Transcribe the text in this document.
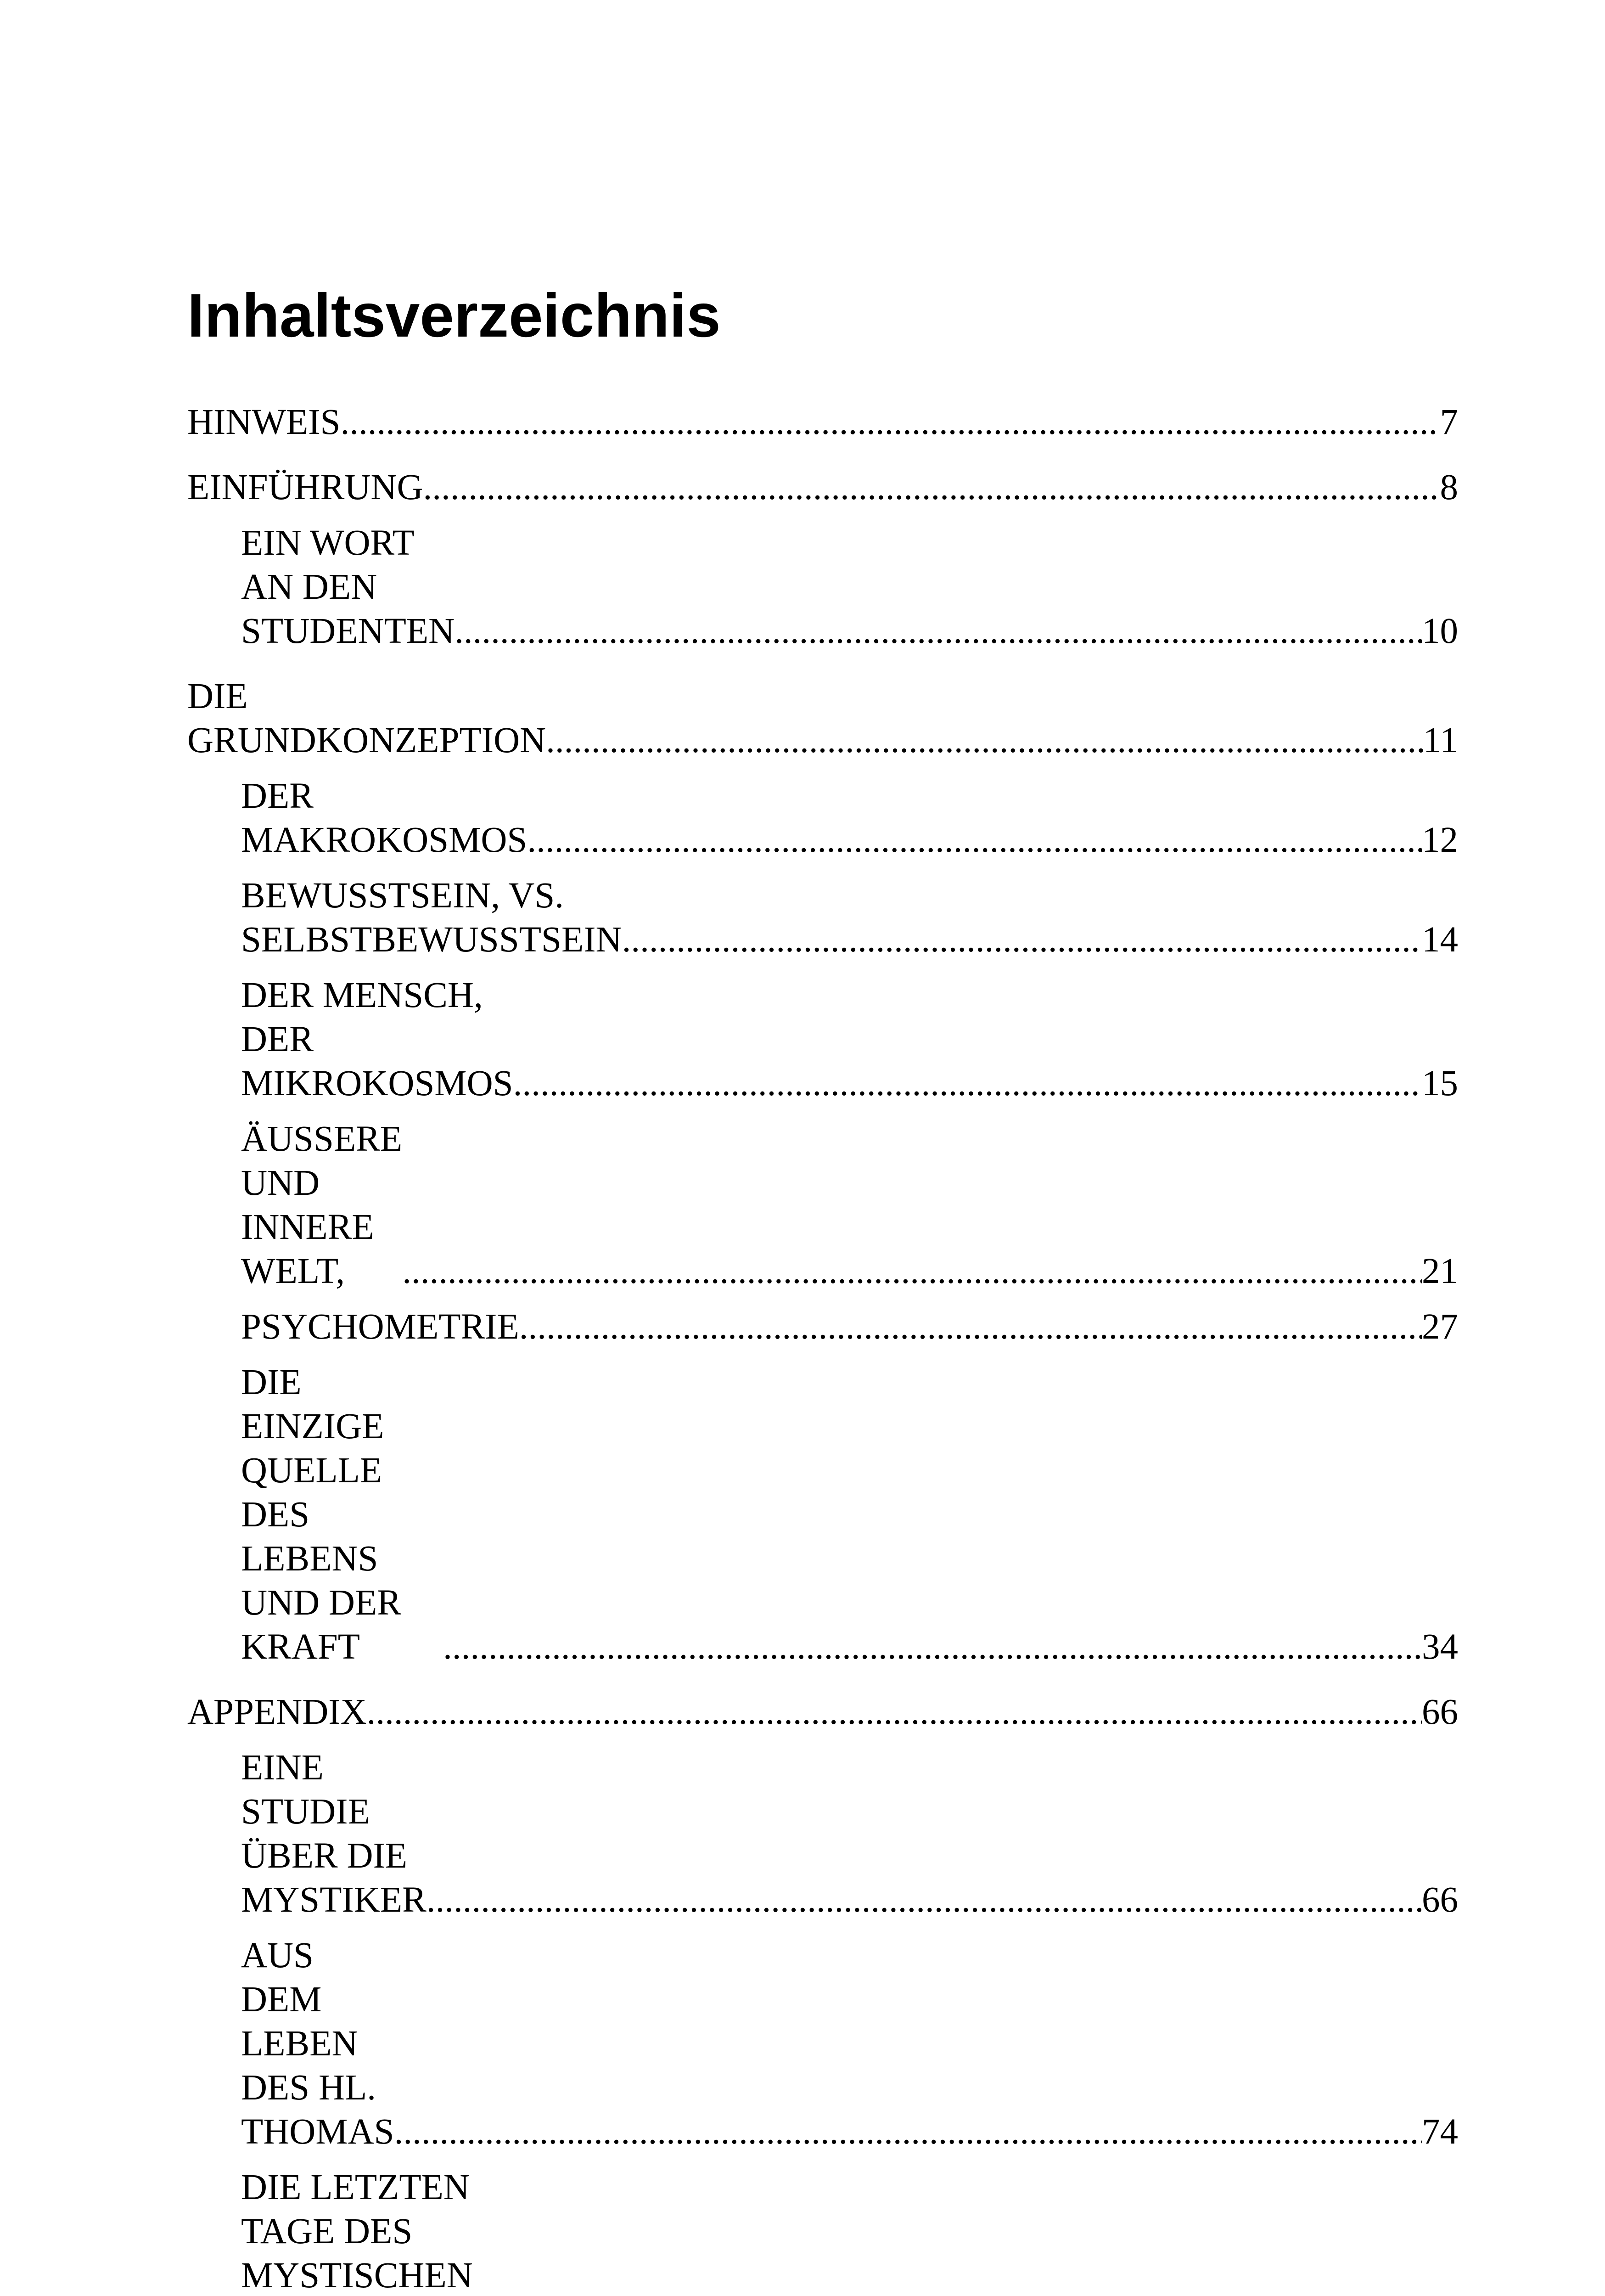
Inhaltsverzeichnis
HINWEIS .....	7
EINFÜHRUNG .....	8
EIN WORT AN DEN STUDENTEN .....	10
DIE GRUNDKONZEPTION .....	11
DER MAKROKOSMOS .....	12
BEWUSSTSEIN, VS. SELBSTBEWUSSTSEIN .....	14
DER MENSCH, DER MIKROKOSMOS .....	15
ÄUSSERE UND INNERE WELT, .....	21
PSYCHOMETRIE .....	27
DIE EINZIGE QUELLE DES LEBENS UND DER KRAFT .....	34
APPENDIX .....	66
EINE STUDIE ÜBER DIE MYSTIKER .....	66
AUS DEM LEBEN DES HL. THOMAS .....	74
DIE LETZTEN TAGE DES MYSTISCHEN
